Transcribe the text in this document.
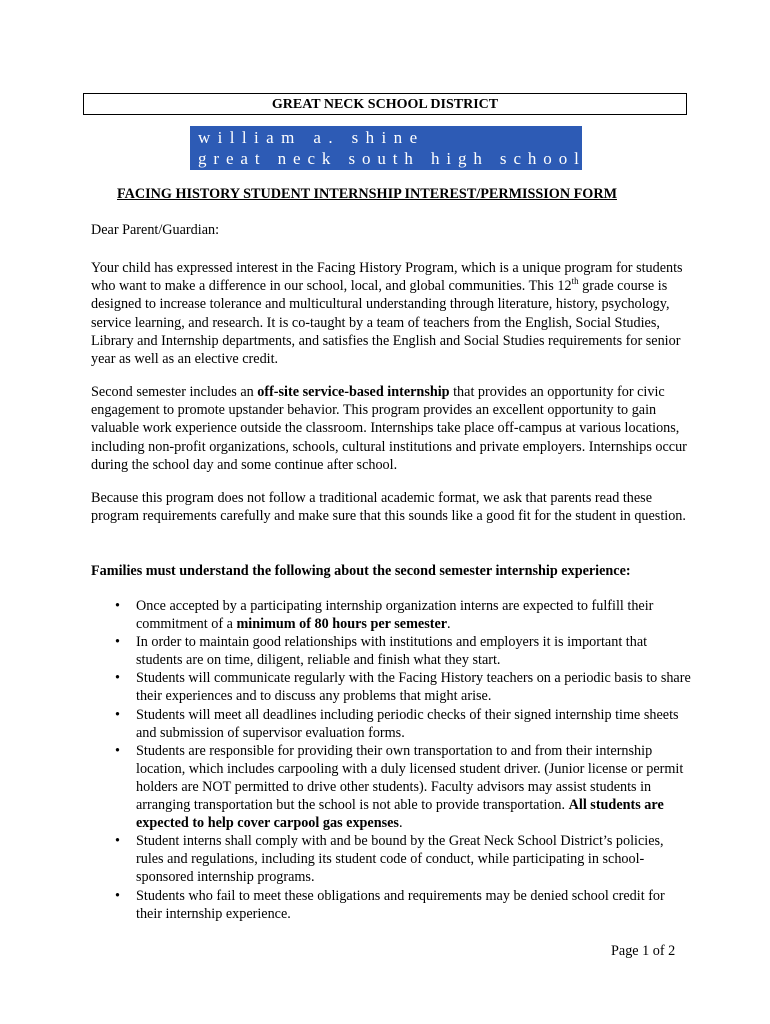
GREAT NECK SCHOOL DISTRICT
william a. shine
great neck south high school
FACING HISTORY STUDENT INTERNSHIP INTEREST/PERMISSION FORM
Dear Parent/Guardian:
Your child has expressed interest in the Facing History Program, which is a unique program for students who want to make a difference in our school, local, and global communities. This 12th grade course is designed to increase tolerance and multicultural understanding through literature, history, psychology, service learning, and research. It is co-taught by a team of teachers from the English, Social Studies, Library and Internship departments, and satisfies the English and Social Studies requirements for senior year as well as an elective credit.
Second semester includes an off-site service-based internship that provides an opportunity for civic engagement to promote upstander behavior. This program provides an excellent opportunity to gain valuable work experience outside the classroom. Internships take place off-campus at various locations, including non-profit organizations, schools, cultural institutions and private employers. Internships occur during the school day and some continue after school.
Because this program does not follow a traditional academic format, we ask that parents read these program requirements carefully and make sure that this sounds like a good fit for the student in question.
Families must understand the following about the second semester internship experience:
• Once accepted by a participating internship organization interns are expected to fulfill their commitment of a minimum of 80 hours per semester.
• In order to maintain good relationships with institutions and employers it is important that students are on time, diligent, reliable and finish what they start.
• Students will communicate regularly with the Facing History teachers on a periodic basis to share their experiences and to discuss any problems that might arise.
• Students will meet all deadlines including periodic checks of their signed internship time sheets and submission of supervisor evaluation forms.
• Students are responsible for providing their own transportation to and from their internship location, which includes carpooling with a duly licensed student driver. (Junior license or permit holders are NOT permitted to drive other students). Faculty advisors may assist students in arranging transportation but the school is not able to provide transportation. All students are expected to help cover carpool gas expenses.
• Student interns shall comply with and be bound by the Great Neck School District’s policies, rules and regulations, including its student code of conduct, while participating in school-sponsored internship programs.
• Students who fail to meet these obligations and requirements may be denied school credit for their internship experience.
Page 1 of 2
